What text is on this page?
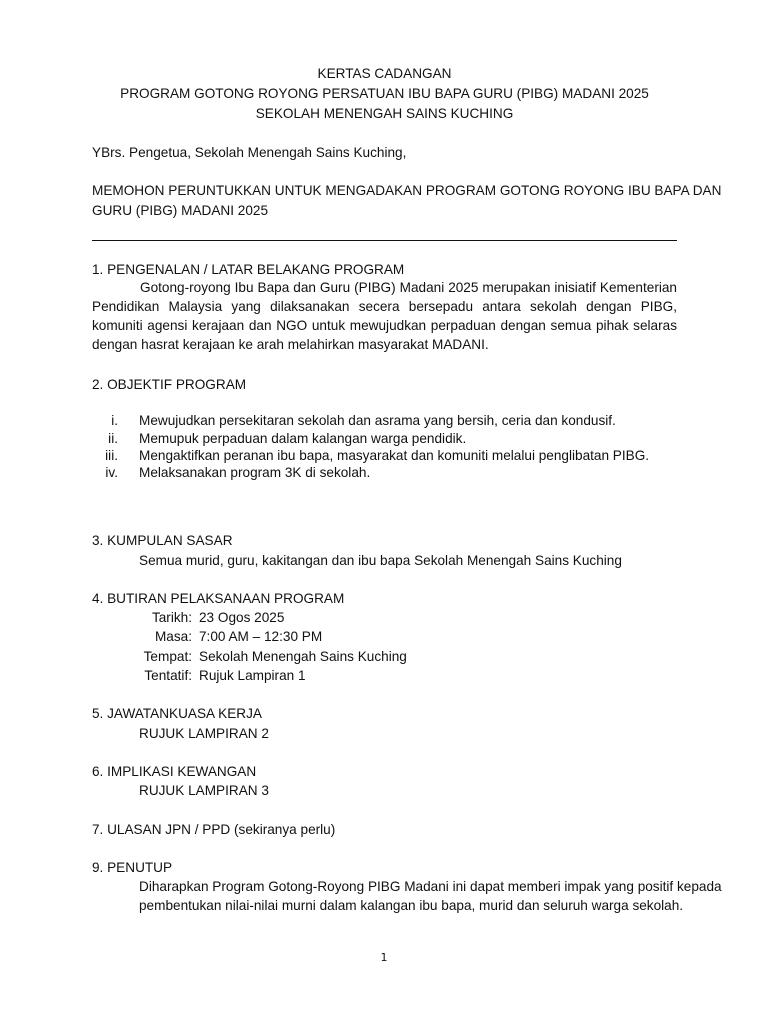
KERTAS CADANGAN
PROGRAM GOTONG ROYONG PERSATUAN IBU BAPA GURU (PIBG) MADANI 2025
SEKOLAH MENENGAH SAINS KUCHING
YBrs. Pengetua, Sekolah Menengah Sains Kuching,
MEMOHON PERUNTUKKAN UNTUK MENGADAKAN PROGRAM GOTONG ROYONG IBU BAPA DAN
GURU (PIBG) MADANI 2025
1. PENGENALAN / LATAR BELAKANG PROGRAM
Gotong-royong Ibu Bapa dan Guru (PIBG) Madani 2025 merupakan inisiatif Kementerian Pendidikan Malaysia yang dilaksanakan secera bersepadu antara sekolah dengan PIBG, komuniti agensi kerajaan dan NGO untuk mewujudkan perpaduan dengan semua pihak selaras dengan hasrat kerajaan ke arah melahirkan masyarakat MADANI.
2. OBJEKTIF PROGRAM
i. Mewujudkan persekitaran sekolah dan asrama yang bersih, ceria dan kondusif.
ii. Memupuk perpaduan dalam kalangan warga pendidik.
iii. Mengaktifkan peranan ibu bapa, masyarakat dan komuniti melalui penglibatan PIBG.
iv. Melaksanakan program 3K di sekolah.
3. KUMPULAN SASAR
Semua murid, guru, kakitangan dan ibu bapa Sekolah Menengah Sains Kuching
4. BUTIRAN PELAKSANAAN PROGRAM
Tarikh: 23 Ogos 2025
Masa: 7:00 AM – 12:30 PM
Tempat: Sekolah Menengah Sains Kuching
Tentatif: Rujuk Lampiran 1
5. JAWATANKUASA KERJA
RUJUK LAMPIRAN 2
6. IMPLIKASI KEWANGAN
RUJUK LAMPIRAN 3
7. ULASAN JPN / PPD (sekiranya perlu)
9. PENUTUP
Diharapkan Program Gotong-Royong PIBG Madani ini dapat memberi impak yang positif kepada
pembentukan nilai-nilai murni dalam kalangan ibu bapa, murid dan seluruh warga sekolah.
1
